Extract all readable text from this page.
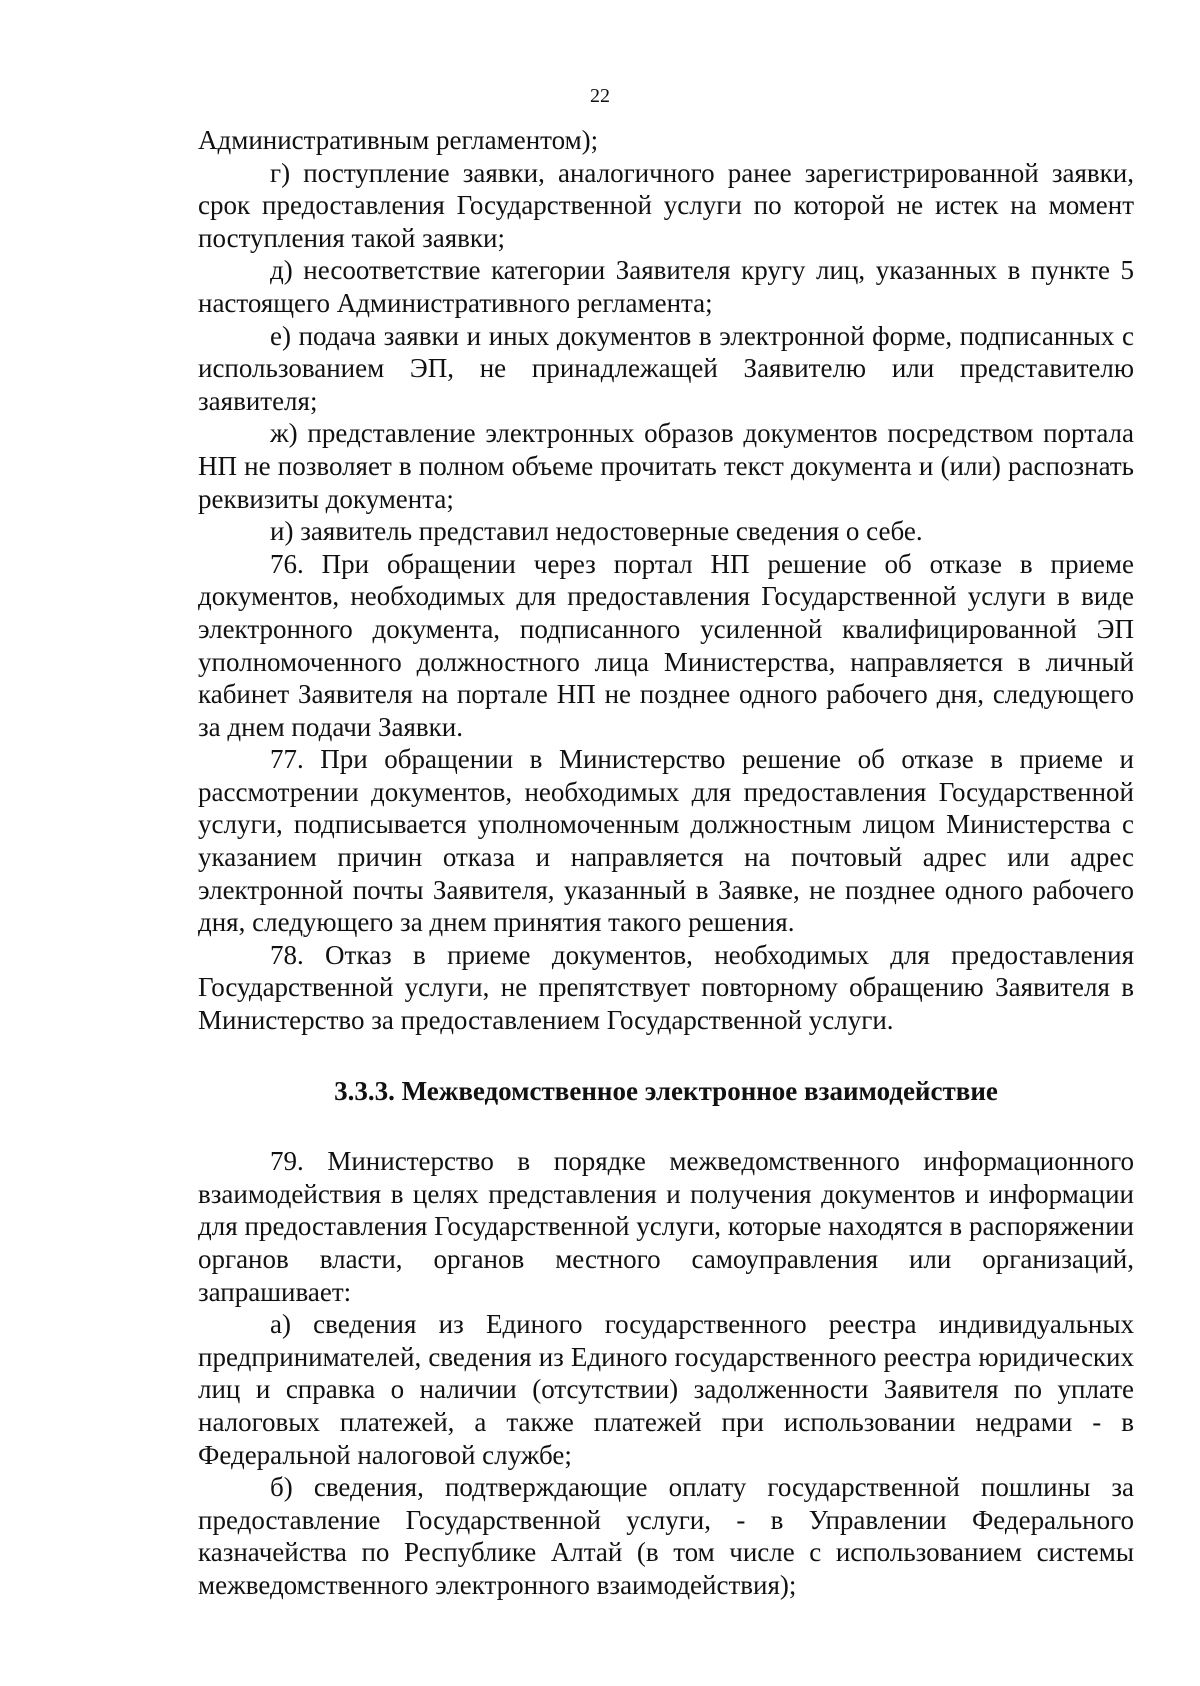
22

Административным регламентом);

г) поступление заявки, аналогичного ранее зарегистрированной заявки, срок предоставления Государственной услуги по которой не истек на момент поступления такой заявки;

д) несоответствие категории Заявителя кругу лиц, указанных в пункте 5 настоящего Административного регламента;

е) подача заявки и иных документов в электронной форме, подписанных с использованием ЭП, не принадлежащей Заявителю или представителю заявителя;

ж) представление электронных образов документов посредством портала НП не позволяет в полном объеме прочитать текст документа и (или) распознать реквизиты документа;

и) заявитель представил недостоверные сведения о себе.

76. При обращении через портал НП решение об отказе в приеме документов, необходимых для предоставления Государственной услуги в виде электронного документа, подписанного усиленной квалифицированной ЭП уполномоченного должностного лица Министерства, направляется в личный кабинет Заявителя на портале НП не позднее одного рабочего дня, следующего за днем подачи Заявки.

77. При обращении в Министерство решение об отказе в приеме и рассмотрении документов, необходимых для предоставления Государственной услуги, подписывается уполномоченным должностным лицом Министерства с указанием причин отказа и направляется на почтовый адрес или адрес электронной почты Заявителя, указанный в Заявке, не позднее одного рабочего дня, следующего за днем принятия такого решения.

78. Отказ в приеме документов, необходимых для предоставления Государственной услуги, не препятствует повторному обращению Заявителя в Министерство за предоставлением Государственной услуги.

3.3.3. Межведомственное электронное взаимодействие

79. Министерство в порядке межведомственного информационного взаимодействия в целях представления и получения документов и информации для предоставления Государственной услуги, которые находятся в распоряжении органов власти, органов местного самоуправления или организаций, запрашивает:

а) сведения из Единого государственного реестра индивидуальных предпринимателей, сведения из Единого государственного реестра юридических лиц и справка о наличии (отсутствии) задолженности Заявителя по уплате налоговых платежей, а также платежей при использовании недрами - в Федеральной налоговой службе;

б) сведения, подтверждающие оплату государственной пошлины за предоставление Государственной услуги, - в Управлении Федерального казначейства по Республике Алтай (в том числе с использованием системы межведомственного электронного взаимодействия);
